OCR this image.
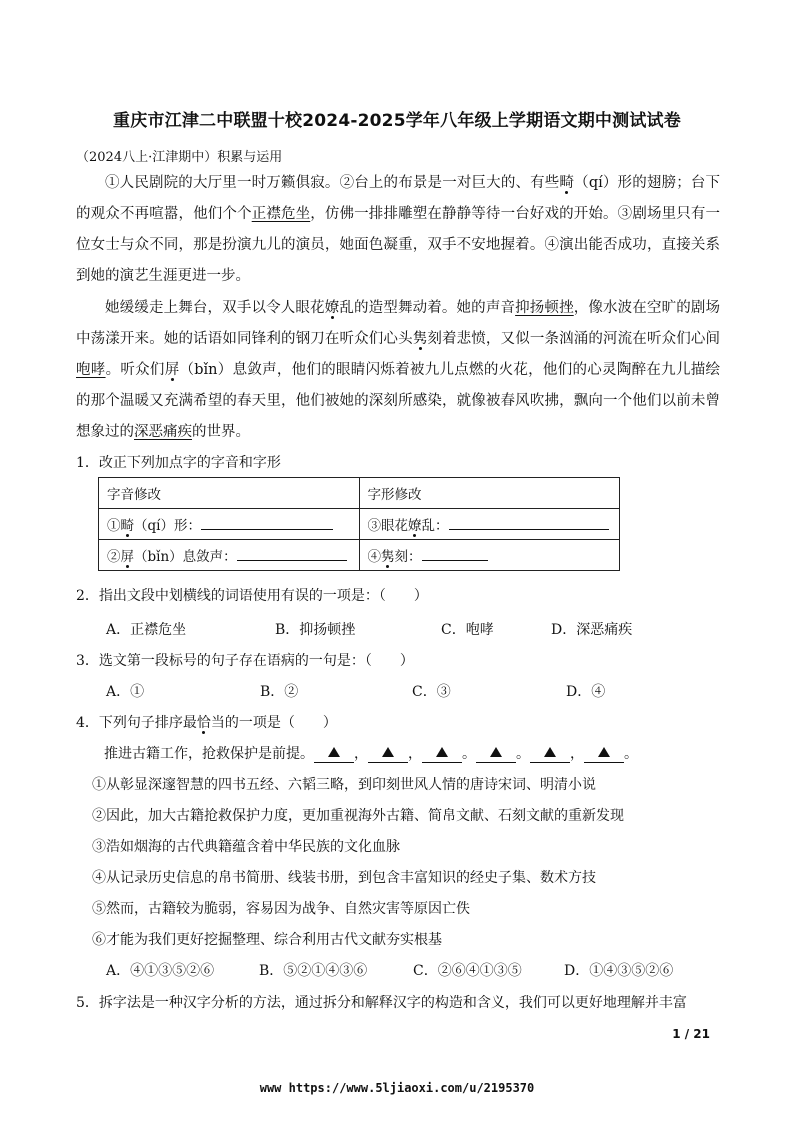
重庆市江津二中联盟十校2024-2025学年八年级上学期语文期中测试试卷
（2024八上·江津期中）积累与运用
①人民剧院的大厅里一时万籁俱寂。②台上的布景是一对巨大的、有些畸（qí）形的翅膀；台下的观众不再喧嚣，他们个个正襟危坐，仿佛一排排雕塑在静静等待一台好戏的开始。③剧场里只有一位女士与众不同，那是扮演九儿的演员，她面色凝重，双手不安地握着。④演出能否成功，直接关系到她的演艺生涯更进一步。
她缓缓走上舞台，双手以令人眼花嫽乱的造型舞动着。她的声音抑扬顿挫，像水波在空旷的剧场中荡漾开来。她的话语如同锋利的钢刀在听众们心头隽刻着悲愤，又似一条汹涌的河流在听众们心间咆哮。听众们屏（bǐn）息敛声，他们的眼睛闪烁着被九儿点燃的火花，他们的心灵陶醉在九儿描绘的那个温暖又充满希望的春天里，他们被她的深刻所感染，就像被春风吹拂，飘向一个他们以前未曾想象过的深恶痛疾的世界。
1．改正下列加点字的字音和字形
字音修改	字形修改
①畸（qí）形：	③眼花嫽乱：
②屏（bǐn）息敛声：	④隽刻：
2．指出文段中划横线的词语使用有误的一项是：（　　）
A．正襟危坐	B．抑扬顿挫	C．咆哮	D．深恶痛疾
3．选文第一段标号的句子存在语病的一句是：（　　）
A．①	B．②	C．③	D．④
4．下列句子排序最恰当的一项是（　　）
推进古籍工作，抢救保护是前提。	，	，	。	。	，	。
①从彰显深邃智慧的四书五经、六韬三略，到印刻世风人情的唐诗宋词、明清小说
②因此，加大古籍抢救保护力度，更加重视海外古籍、简帛文献、石刻文献的重新发现
③浩如烟海的古代典籍蕴含着中华民族的文化血脉
④从记录历史信息的帛书简册、线装书册，到包含丰富知识的经史子集、数术方技
⑤然而，古籍较为脆弱，容易因为战争、自然灾害等原因亡佚
⑥才能为我们更好挖掘整理、综合利用古代文献夯实根基
A．④①③⑤②⑥	B．⑤②①④③⑥	C．②⑥④①③⑤	D．①④③⑤②⑥
5．拆字法是一种汉字分析的方法，通过拆分和解释汉字的构造和含义，我们可以更好地理解并丰富
1 / 21
www https://www.5ljiaoxi.com/u/2195370
